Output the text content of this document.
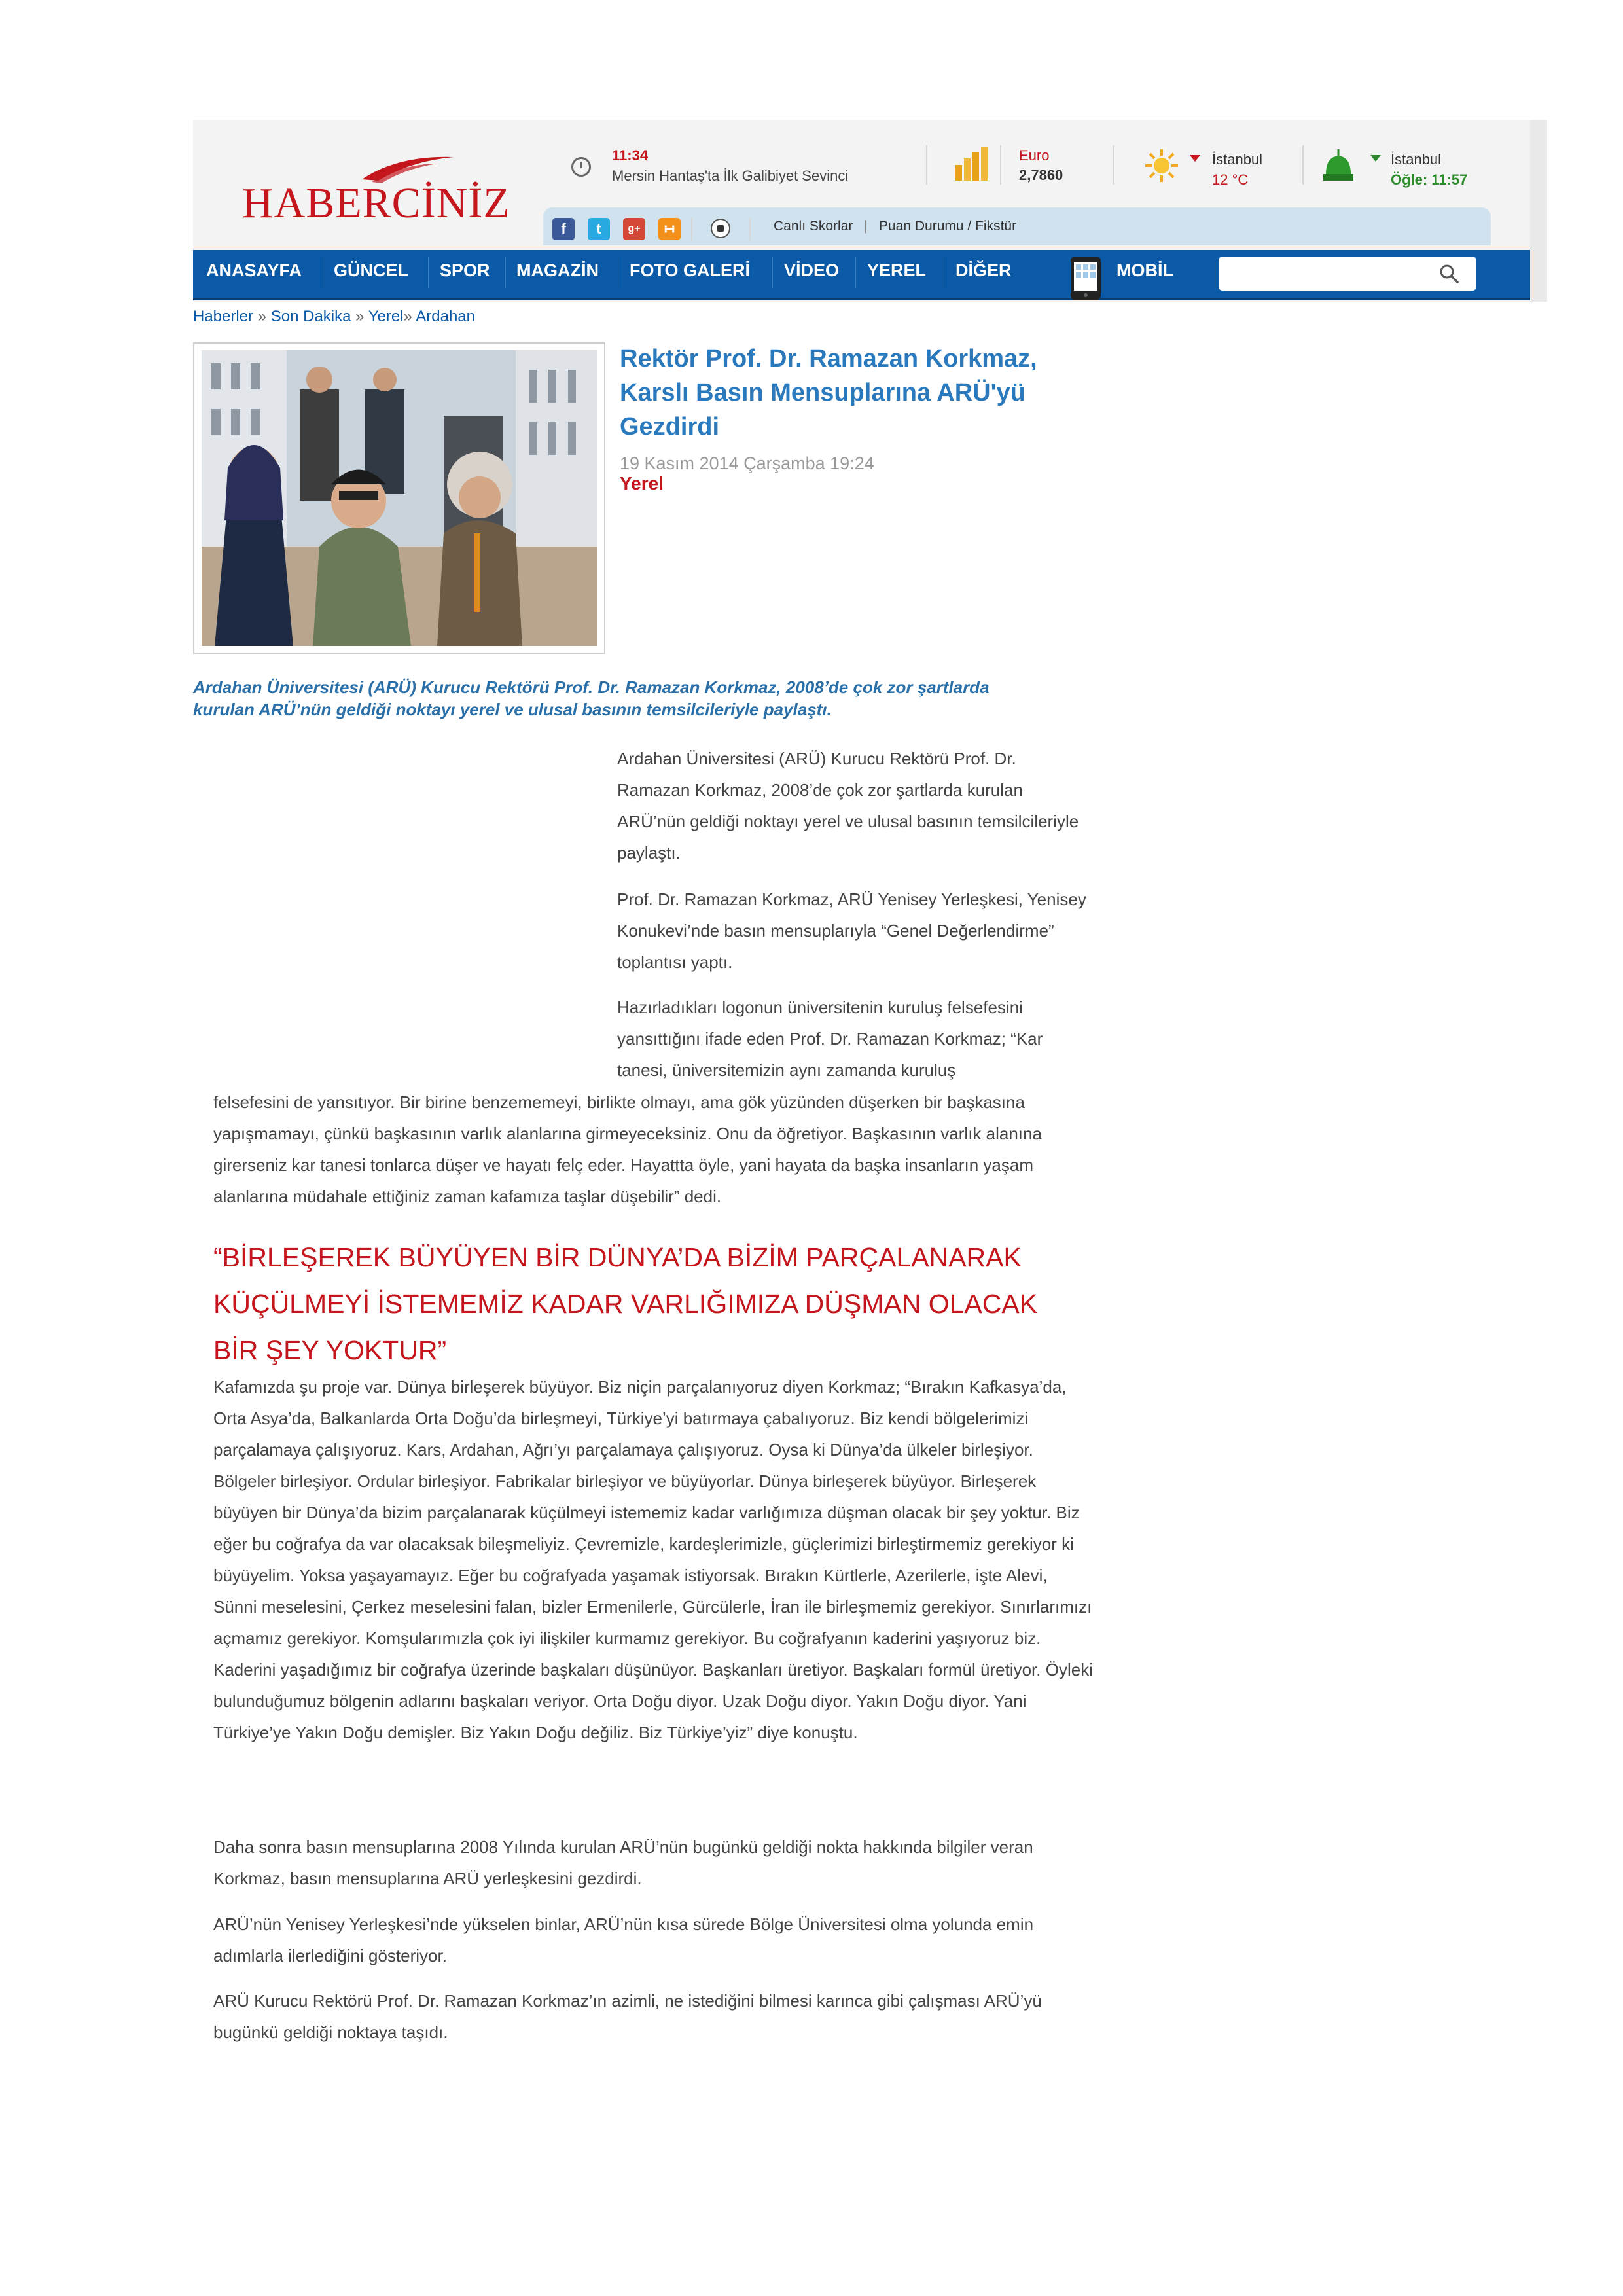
HABERCİNİZ
11:34
Mersin Hantaş'ta İlk Galibiyet Sevinci
Euro
2,7860
İstanbul
12 °C
İstanbul
Öğle: 11:57
f	t	g+	∺	Canlı Skorlar | Puan Durumu / Fikstür
ANASAYFA GÜNCEL SPOR MAGAZİN FOTO GALERİ VİDEO YEREL DİĞER	MOBİL
Haberler » Son Dakika » Yerel» Ardahan
Rektör Prof. Dr. Ramazan Korkmaz, Karslı Basın Mensuplarına ARÜ'yü Gezdirdi
19 Kasım 2014 Çarşamba 19:24
Yerel
Ardahan Üniversitesi (ARÜ) Kurucu Rektörü Prof. Dr. Ramazan Korkmaz, 2008’de çok zor şartlarda kurulan ARÜ’nün geldiği noktayı yerel ve ulusal basının temsilcileriyle paylaştı.
Ardahan Üniversitesi (ARÜ) Kurucu Rektörü Prof. Dr. Ramazan Korkmaz, 2008’de çok zor şartlarda kurulan ARÜ’nün geldiği noktayı yerel ve ulusal basının temsilcileriyle paylaştı.
Prof. Dr. Ramazan Korkmaz, ARÜ Yenisey Yerleşkesi, Yenisey Konukevi’nde basın mensuplarıyla “Genel Değerlendirme” toplantısı yaptı.
Hazırladıkları logonun üniversitenin kuruluş felsefesini yansıttığını ifade eden Prof. Dr. Ramazan Korkmaz; “Kar tanesi, üniversitemizin aynı zamanda kuruluş
felsefesini de yansıtıyor. Bir birine benzememeyi, birlikte olmayı, ama gök yüzünden düşerken bir başkasına yapışmamayı, çünkü başkasının varlık alanlarına girmeyeceksiniz. Onu da öğretiyor. Başkasının varlık alanına girerseniz kar tanesi tonlarca düşer ve hayatı felç eder. Hayattta öyle, yani hayata da başka insanların yaşam alanlarına müdahale ettiğiniz zaman kafamıza taşlar düşebilir” dedi.
“BİRLEŞEREK BÜYÜYEN BİR DÜNYA’DA BİZİM PARÇALANARAK KÜÇÜLMEYİ İSTEMEMİZ KADAR VARLIĞIMIZA DÜŞMAN OLACAK BİR ŞEY YOKTUR”
Kafamızda şu proje var. Dünya birleşerek büyüyor. Biz niçin parçalanıyoruz diyen Korkmaz; “Bırakın Kafkasya’da, Orta Asya’da, Balkanlarda Orta Doğu’da birleşmeyi, Türkiye’yi batırmaya çabalıyoruz. Biz kendi bölgelerimizi parçalamaya çalışıyoruz. Kars, Ardahan, Ağrı’yı parçalamaya çalışıyoruz. Oysa ki Dünya’da ülkeler birleşiyor. Bölgeler birleşiyor. Ordular birleşiyor. Fabrikalar birleşiyor ve büyüyorlar. Dünya birleşerek büyüyor. Birleşerek büyüyen bir Dünya’da bizim parçalanarak küçülmeyi istememiz kadar varlığımıza düşman olacak bir şey yoktur. Biz eğer bu coğrafya da var olacaksak bileşmeliyiz. Çevremizle, kardeşlerimizle, güçlerimizi birleştirmemiz gerekiyor ki büyüyelim. Yoksa yaşayamayız. Eğer bu coğrafyada yaşamak istiyorsak. Bırakın Kürtlerle, Azerilerle, işte Alevi, Sünni meselesini, Çerkez meselesini falan, bizler Ermenilerle, Gürcülerle, İran ile birleşmemiz gerekiyor. Sınırlarımızı açmamız gerekiyor. Komşularımızla çok iyi ilişkiler kurmamız gerekiyor. Bu coğrafyanın kaderini yaşıyoruz biz. Kaderini yaşadığımız bir coğrafya üzerinde başkaları düşünüyor. Başkanları üretiyor. Başkaları formül üretiyor. Öyleki bulunduğumuz bölgenin adlarını başkaları veriyor. Orta Doğu diyor. Uzak Doğu diyor. Yakın Doğu diyor. Yani Türkiye’ye Yakın Doğu demişler. Biz Yakın Doğu değiliz. Biz Türkiye’yiz” diye konuştu.
Daha sonra basın mensuplarına 2008 Yılında kurulan ARÜ’nün bugünkü geldiği nokta hakkında bilgiler veran Korkmaz, basın mensuplarına ARÜ yerleşkesini gezdirdi.
ARÜ’nün Yenisey Yerleşkesi’nde yükselen binlar, ARÜ’nün kısa sürede Bölge Üniversitesi olma yolunda emin adımlarla ilerlediğini gösteriyor.
ARÜ Kurucu Rektörü Prof. Dr. Ramazan Korkmaz’ın azimli, ne istediğini bilmesi karınca gibi çalışması ARÜ’yü bugünkü geldiği noktaya taşıdı.
